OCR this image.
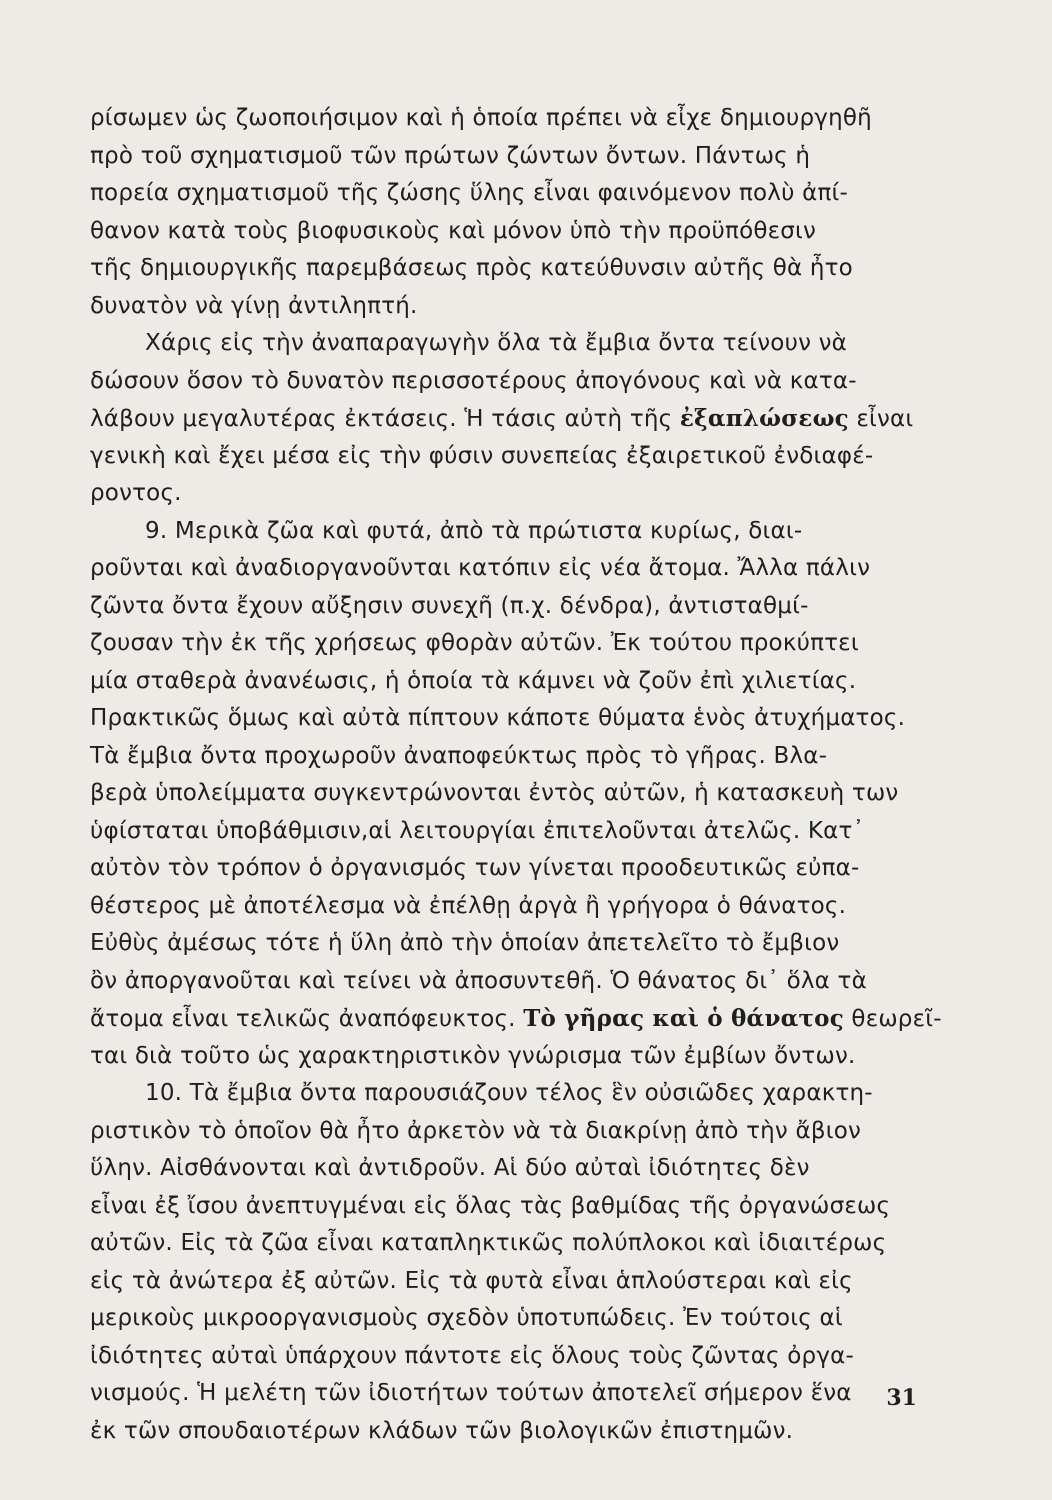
ρίσωμεν ὡς ζωοποιήσιμον καὶ ἡ ὁποία πρέπει νὰ εἶχε δημιουργηθῆ
πρὸ τοῦ σχηματισμοῦ τῶν πρώτων ζώντων ὄντων. Πάντως ἡ
πορεία σχηματισμοῦ τῆς ζώσης ὕλης εἶναι φαινόμενον πολὺ ἀπί-
θανον κατὰ τοὺς βιοφυσικοὺς καὶ μόνον ὑπὸ τὴν προϋπόθεσιν
τῆς δημιουργικῆς παρεμβάσεως πρὸς κατεύθυνσιν αὐτῆς θὰ ἦτο
δυνατὸν νὰ γίνῃ ἀντιληπτή.
Χάρις εἰς τὴν ἀναπαραγωγὴν ὅλα τὰ ἔμβια ὄντα τείνουν νὰ
δώσουν ὅσον τὸ δυνατὸν περισσοτέρους ἀπογόνους καὶ νὰ κατα-
λάβουν μεγαλυτέρας ἐκτάσεις. Ἡ τάσις αὐτὴ τῆς ἐξαπλώσεως εἶναι
γενικὴ καὶ ἔχει μέσα εἰς τὴν φύσιν συνεπείας ἐξαιρετικοῦ ἐνδιαφέ-
ροντος.
9. Μερικὰ ζῶα καὶ φυτά, ἀπὸ τὰ πρώτιστα κυρίως, διαι-
ροῦνται καὶ ἀναδιοργανοῦνται κατόπιν εἰς νέα ἄτομα. Ἄλλα πάλιν
ζῶντα ὄντα ἔχουν αὔξησιν συνεχῆ (π.χ. δένδρα), ἀντισταθμί-
ζουσαν τὴν ἐκ τῆς χρήσεως φθορὰν αὐτῶν. Ἐκ τούτου προκύπτει
μία σταθερὰ ἀνανέωσις, ἡ ὁποία τὰ κάμνει νὰ ζοῦν ἐπὶ χιλιετίας.
Πρακτικῶς ὅμως καὶ αὐτὰ πίπτουν κάποτε θύματα ἑνὸς ἀτυχήματος.
Τὰ ἔμβια ὄντα προχωροῦν ἀναποφεύκτως πρὸς τὸ γῆρας. Βλα-
βερὰ ὑπολείμματα συγκεντρώνονται ἐντὸς αὐτῶν, ἡ κατασκευὴ των
ὑφίσταται ὑποβάθμισιν,αἱ λειτουργίαι ἐπιτελοῦνται ἀτελῶς. Κατ᾿
αὐτὸν τὸν τρόπον ὁ ὀργανισμός των γίνεται προοδευτικῶς εὐπα-
θέστερος μὲ ἀποτέλεσμα νὰ ἐπέλθῃ ἀργὰ ἢ γρήγορα ὁ θάνατος.
Εὐθὺς ἀμέσως τότε ἡ ὕλη ἀπὸ τὴν ὁποίαν ἀπετελεῖτο τὸ ἔμβιον
ὂν ἀποργανοῦται καὶ τείνει νὰ ἀποσυντεθῆ. Ὁ θάνατος δι᾿ ὅλα τὰ
ἄτομα εἶναι τελικῶς ἀναπόφευκτος. Τὸ γῆρας καὶ ὁ θάνατος θεωρεῖ-
ται διὰ τοῦτο ὡς χαρακτηριστικὸν γνώρισμα τῶν ἐμβίων ὄντων.
10. Τὰ ἔμβια ὄντα παρουσιάζουν τέλος ἓν οὐσιῶδες χαρακτη-
ριστικὸν τὸ ὁποῖον θὰ ἦτο ἀρκετὸν νὰ τὰ διακρίνῃ ἀπὸ τὴν ἄβιον
ὕλην. Αἰσθάνονται καὶ ἀντιδροῦν. Αἱ δύο αὐταὶ ἰδιότητες δὲν
εἶναι ἐξ ἴσου ἀνεπτυγμέναι εἰς ὅλας τὰς βαθμίδας τῆς ὀργανώσεως
αὐτῶν. Εἰς τὰ ζῶα εἶναι καταπληκτικῶς πολύπλοκοι καὶ ἰδιαιτέρως
εἰς τὰ ἀνώτερα ἐξ αὐτῶν. Εἰς τὰ φυτὰ εἶναι ἁπλούστεραι καὶ εἰς
μερικοὺς μικροοργανισμοὺς σχεδὸν ὑποτυπώδεις. Ἐν τούτοις αἱ
ἰδιότητες αὐταὶ ὑπάρχουν πάντοτε εἰς ὅλους τοὺς ζῶντας ὀργα-
νισμούς. Ἡ μελέτη τῶν ἰδιοτήτων τούτων ἀποτελεῖ σήμερον ἕνα
ἐκ τῶν σπουδαιοτέρων κλάδων τῶν βιολογικῶν ἐπιστημῶν.
31
